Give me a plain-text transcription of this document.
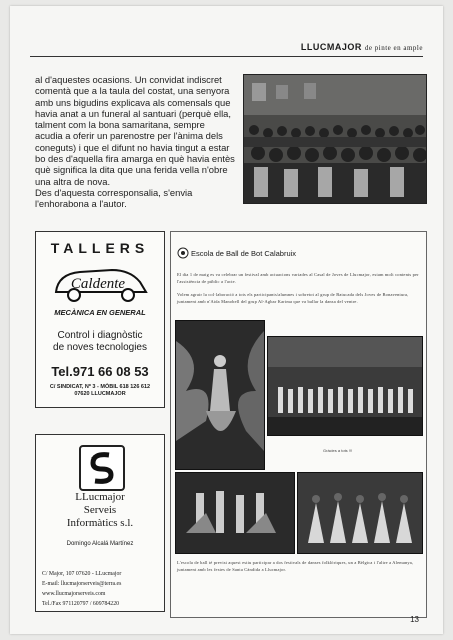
LLUCMAJOR de pinte en ample
al d'aquestes ocasions. Un convidat indiscret comentà que a la taula del costat, una senyora amb uns bigudins explicava als comensals que havia anat a un funeral al santuari (perquè ella, talment com la bona samaritana, sempre acudia a oferir un parenostre per l'ànima dels coneguts) i que el difunt no havia tingut a estar bo des d'aquella fira amarga en què havia entès què significa la dita que una ferida vella n'obre una altra de nova.
Des d'aquesta corresponsalia, s'envia l'enhorabona a l'autor.
TALLERS
Caldente
MECÀNICA EN GENERAL
Control i diagnòstic
de noves tecnologies
Tel.971 66 08 53
C/ SINDICAT, Nº 3 - MÒBIL 618 126 612
07620 LLUCMAJOR
L
I
LLucmajor
Serveis
Informàtics s.l.
Domingo Alcalá Martínez
C/ Major, 107 07620 - LLucmajor
E-mail: llucmajorserveis@terra.es
www.llucmajorserveis.com
Tel./Fax 971120797 / 609784220
Escola de Ball de Bot Calabruix
El dia 1 de maig es va celebrar un festival amb actuacions variades al Casal de Joves de Llucmajor, estam molt contents per l'assistència de públic a l'acte.
Volem agrair la col·laboració a tots els participants/alumnes i sobretot al grup de Batucada dels Joves de Bonaventura, juntament amb n'Aida Manobell del grup Al-Agbar Karima que va ballar la dansa del ventre.
Gràcies a tots !!!
L'escola de ball té previst aquest estiu participar a dos festivals de danses folklòriques, un a Bèlgica i l'altre a Alemanya, juntament amb les festes de Santa Càndida a Llucmajor.
13
